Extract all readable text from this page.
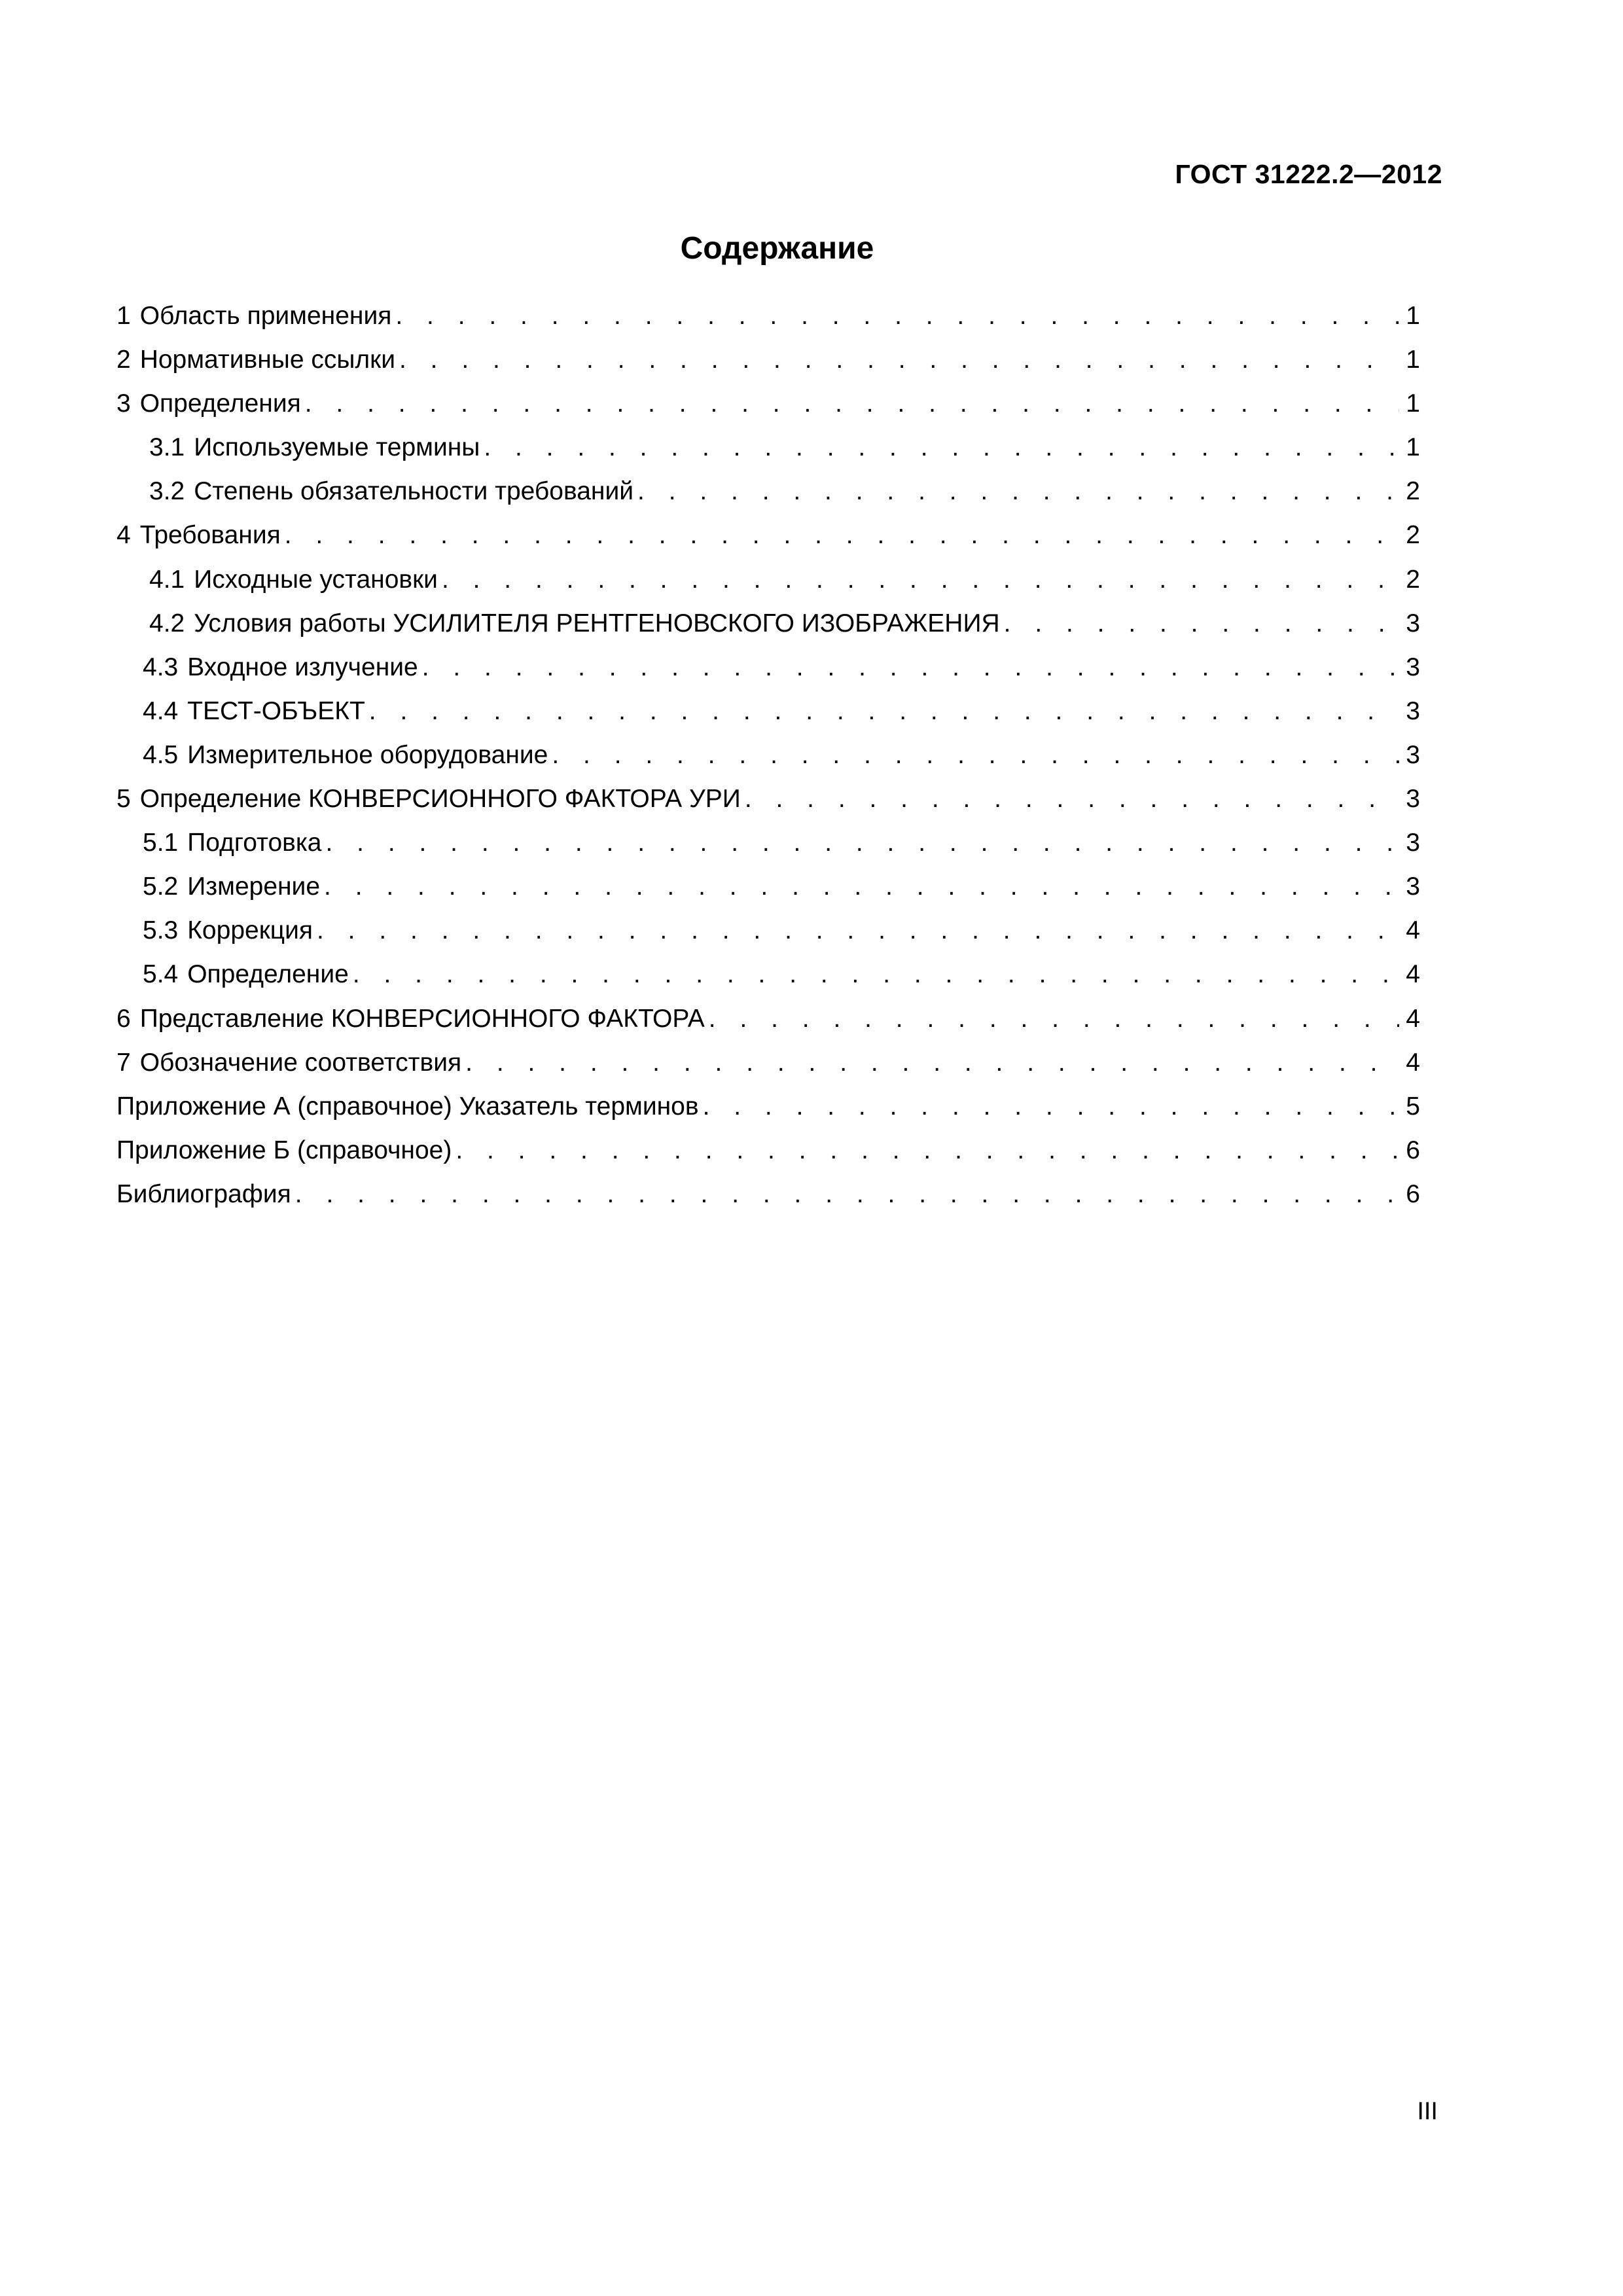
ГОСТ 31222.2—2012
Содержание
1 Область применения . . .	1
2 Нормативные ссылки . . .	1
3 Определения . . .	1
3.1 Используемые термины . . .	1
3.2 Степень обязательности требований . . .	2
4 Требования . . .	2
4.1 Исходные установки . . .	2
4.2 Условия работы УСИЛИТЕЛЯ РЕНТГЕНОВСКОГО ИЗОБРАЖЕНИЯ . . .	3
4.3 Входное излучение . . .	3
4.4 ТЕСТ-ОБЪЕКТ . . .	3
4.5 Измерительное оборудование . . .	3
5 Определение КОНВЕРСИОННОГО ФАКТОРА УРИ . . .	3
5.1 Подготовка . . .	3
5.2 Измерение . . .	3
5.3 Коррекция . . .	4
5.4 Определение . . .	4
6 Представление КОНВЕРСИОННОГО ФАКТОРА . . .	4
7 Обозначение соответствия . . .	4
Приложение А (справочное) Указатель терминов . . .	5
Приложение Б (справочное) . . .	6
Библиография . . .	6
III
